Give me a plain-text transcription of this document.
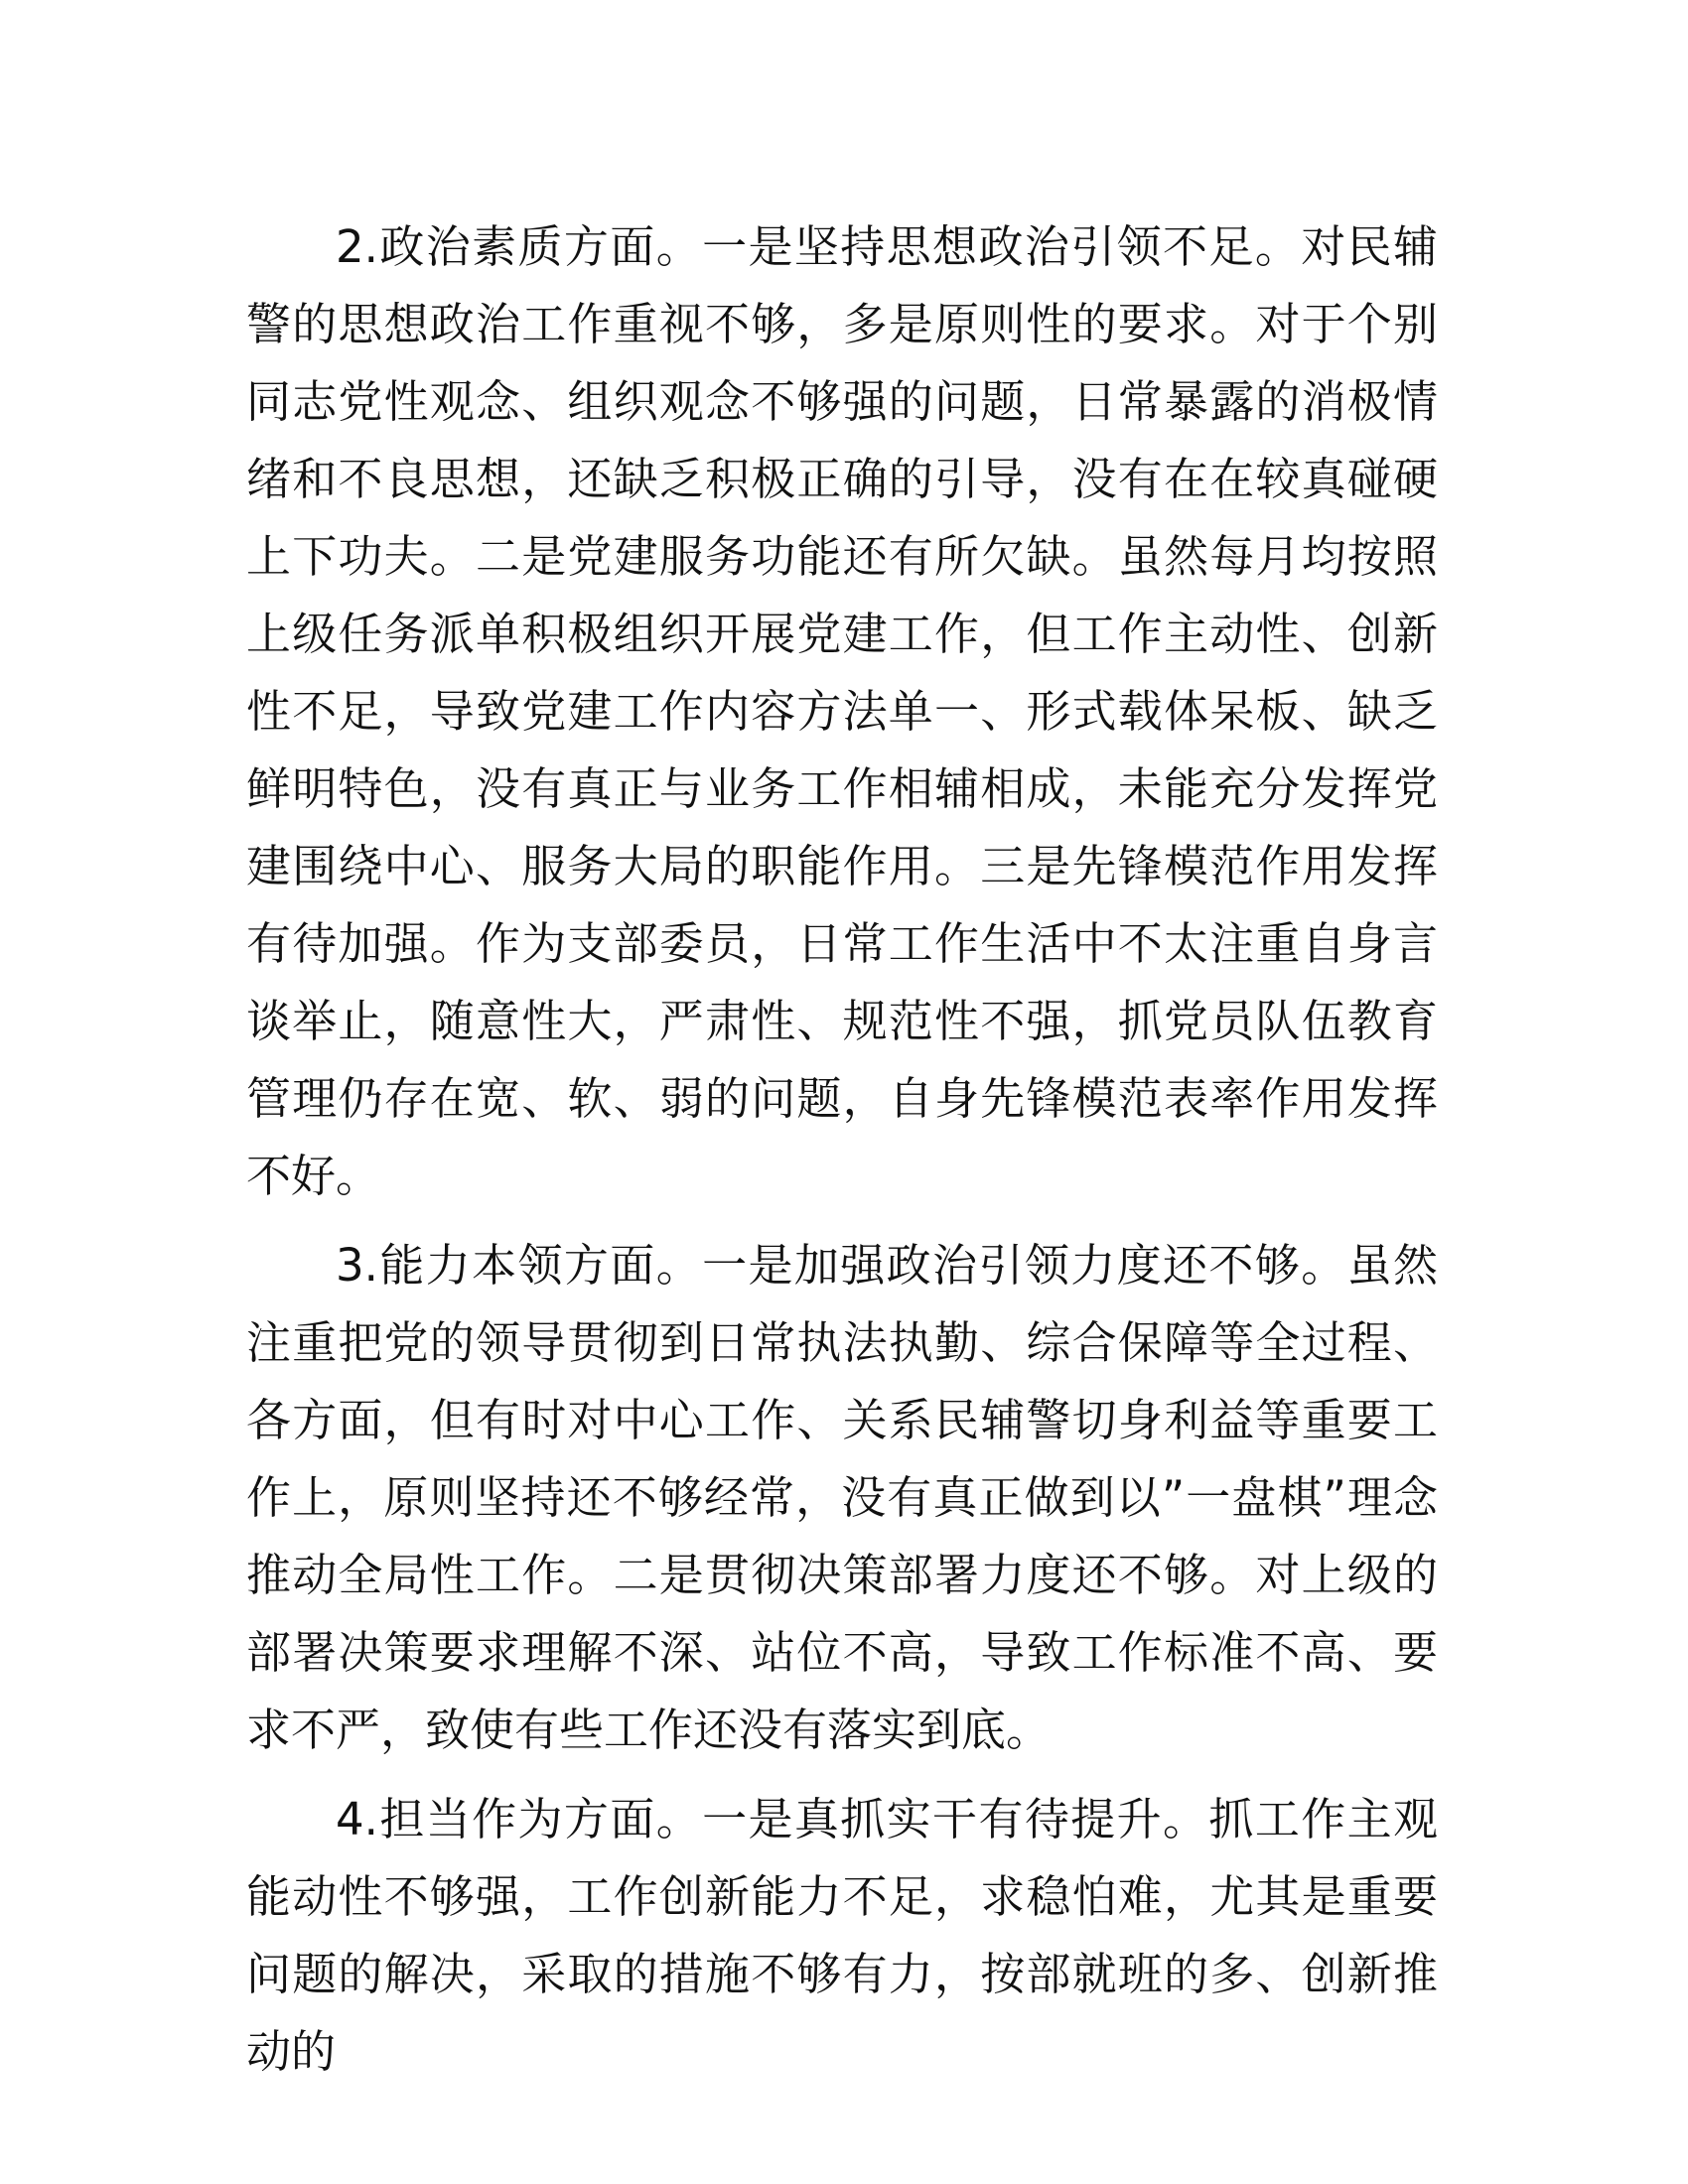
2.政治素质方面。一是坚持思想政治引领不足。对民辅警的思想政治工作重视不够，多是原则性的要求。对于个别同志党性观念、组织观念不够强的问题，日常暴露的消极情绪和不良思想，还缺乏积极正确的引导，没有在在较真碰硬上下功夫。二是党建服务功能还有所欠缺。虽然每月均按照上级任务派单积极组织开展党建工作，但工作主动性、创新性不足，导致党建工作内容方法单一、形式载体呆板、缺乏鲜明特色，没有真正与业务工作相辅相成，未能充分发挥党建围绕中心、服务大局的职能作用。三是先锋模范作用发挥有待加强。作为支部委员，日常工作生活中不太注重自身言谈举止，随意性大，严肃性、规范性不强，抓党员队伍教育管理仍存在宽、软、弱的问题，自身先锋模范表率作用发挥不好。

3.能力本领方面。一是加强政治引领力度还不够。虽然注重把党的领导贯彻到日常执法执勤、综合保障等全过程、各方面，但有时对中心工作、关系民辅警切身利益等重要工作上，原则坚持还不够经常，没有真正做到以”一盘棋”理念推动全局性工作。二是贯彻决策部署力度还不够。对上级的部署决策要求理解不深、站位不高，导致工作标准不高、要求不严，致使有些工作还没有落实到底。

4.担当作为方面。一是真抓实干有待提升。抓工作主观能动性不够强，工作创新能力不足，求稳怕难，尤其是重要问题的解决，采取的措施不够有力，按部就班的多、创新推动的
